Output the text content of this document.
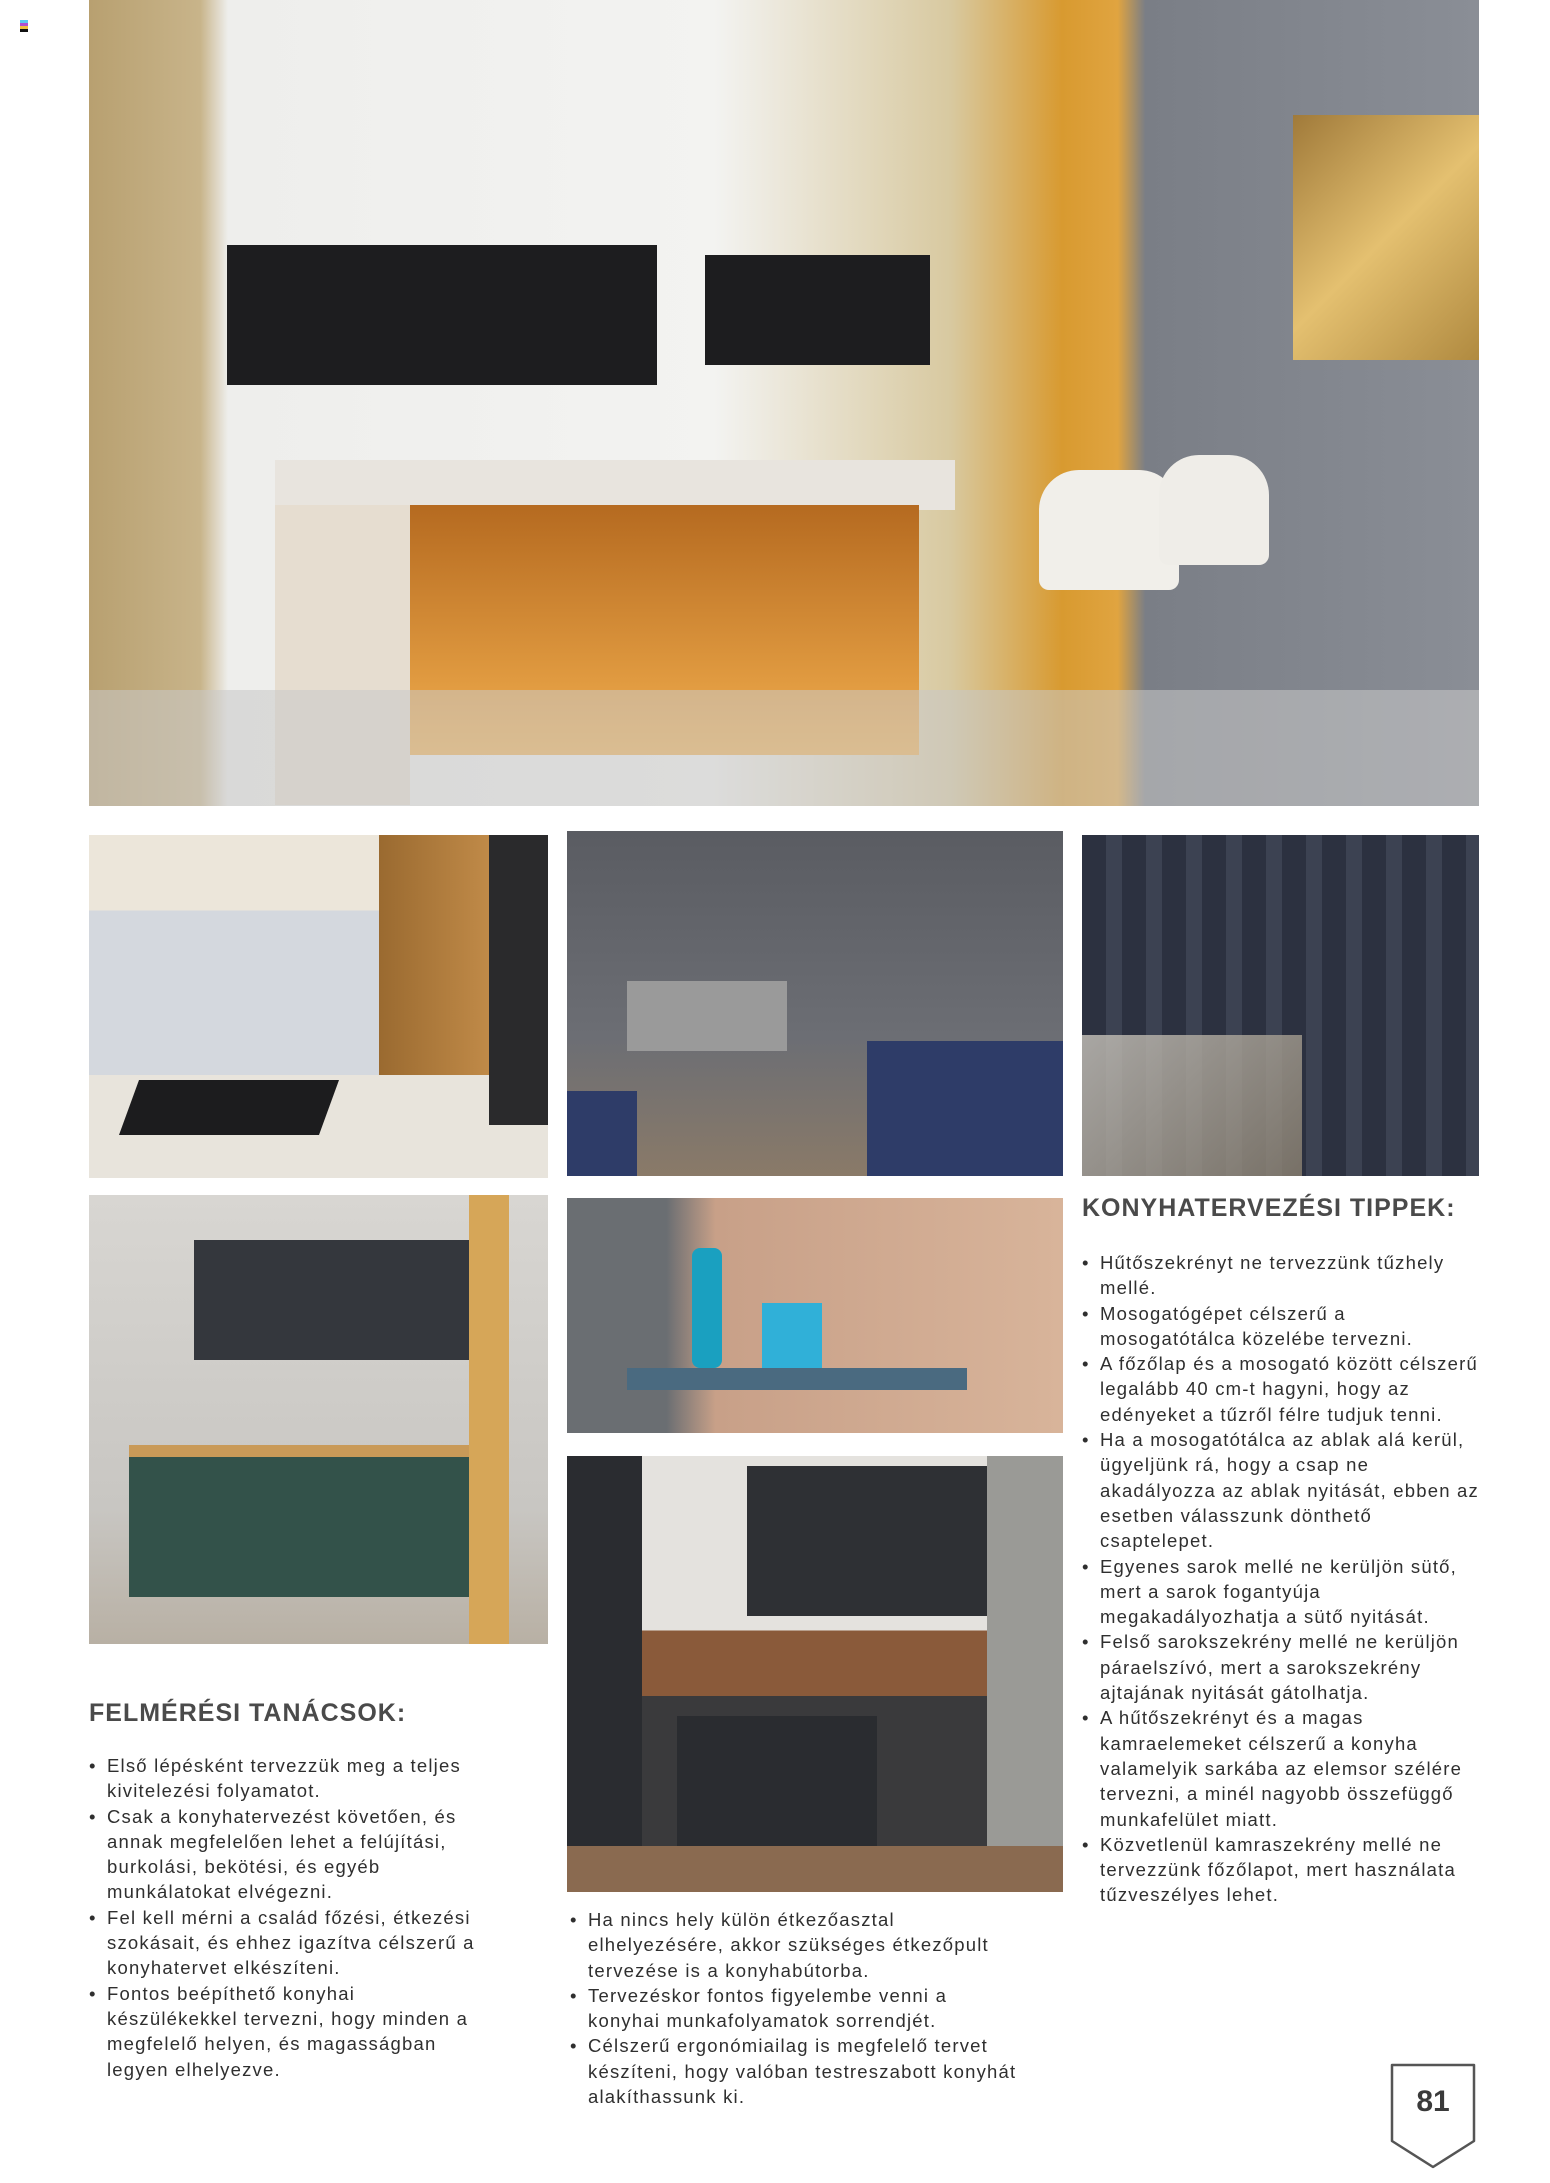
KONYHATERVEZÉSI TIPPEK:
• Hűtőszekrényt ne tervezzünk tűzhely mellé.
• Mosogatógépet célszerű a mosogatótálca közelébe tervezni.
• A főzőlap és a mosogató között célszerű legalább 40 cm-t hagyni, hogy az edényeket a tűzről félre tudjuk tenni.
• Ha a mosogatótálca az ablak alá kerül, ügyeljünk rá, hogy a csap ne akadályozza az ablak nyitását, ebben az esetben válasszunk dönthető csaptelepet.
• Egyenes sarok mellé ne kerüljön sütő, mert a sarok fogantyúja megakadályozhatja a sütő nyitását.
• Felső sarokszekrény mellé ne kerüljön páraelszívó, mert a sarokszekrény ajtajának nyitását gátolhatja.
• A hűtőszekrényt és a magas kamraelemeket célszerű a konyha valamelyik sarkába az elemsor szélére tervezni, a minél nagyobb összefüggő munkafelület miatt.
• Közvetlenül kamraszekrény mellé ne tervezzünk főzőlapot, mert használata tűzveszélyes lehet.
FELMÉRÉSI TANÁCSOK:
• Első lépésként tervezzük meg a teljes kivitelezési folyamatot.
• Csak a konyhatervezést követően, és annak megfelelően lehet a felújítási, burkolási, bekötési, és egyéb munkálatokat elvégezni.
• Fel kell mérni a család főzési, étkezési szokásait, és ehhez igazítva célszerű a konyhatervet elkészíteni.
• Fontos beépíthető konyhai készülékekkel tervezni, hogy minden a megfelelő helyen, és magasságban legyen elhelyezve.
• Ha nincs hely külön étkezőasztal elhelyezésére, akkor szükséges étkezőpult tervezése is a konyhabútorba.
• Tervezéskor fontos figyelembe venni a konyhai munkafolyamatok sorrendjét.
• Célszerű ergonómiailag is megfelelő tervet készíteni, hogy valóban testreszabott konyhát alakíthassunk ki.	81
